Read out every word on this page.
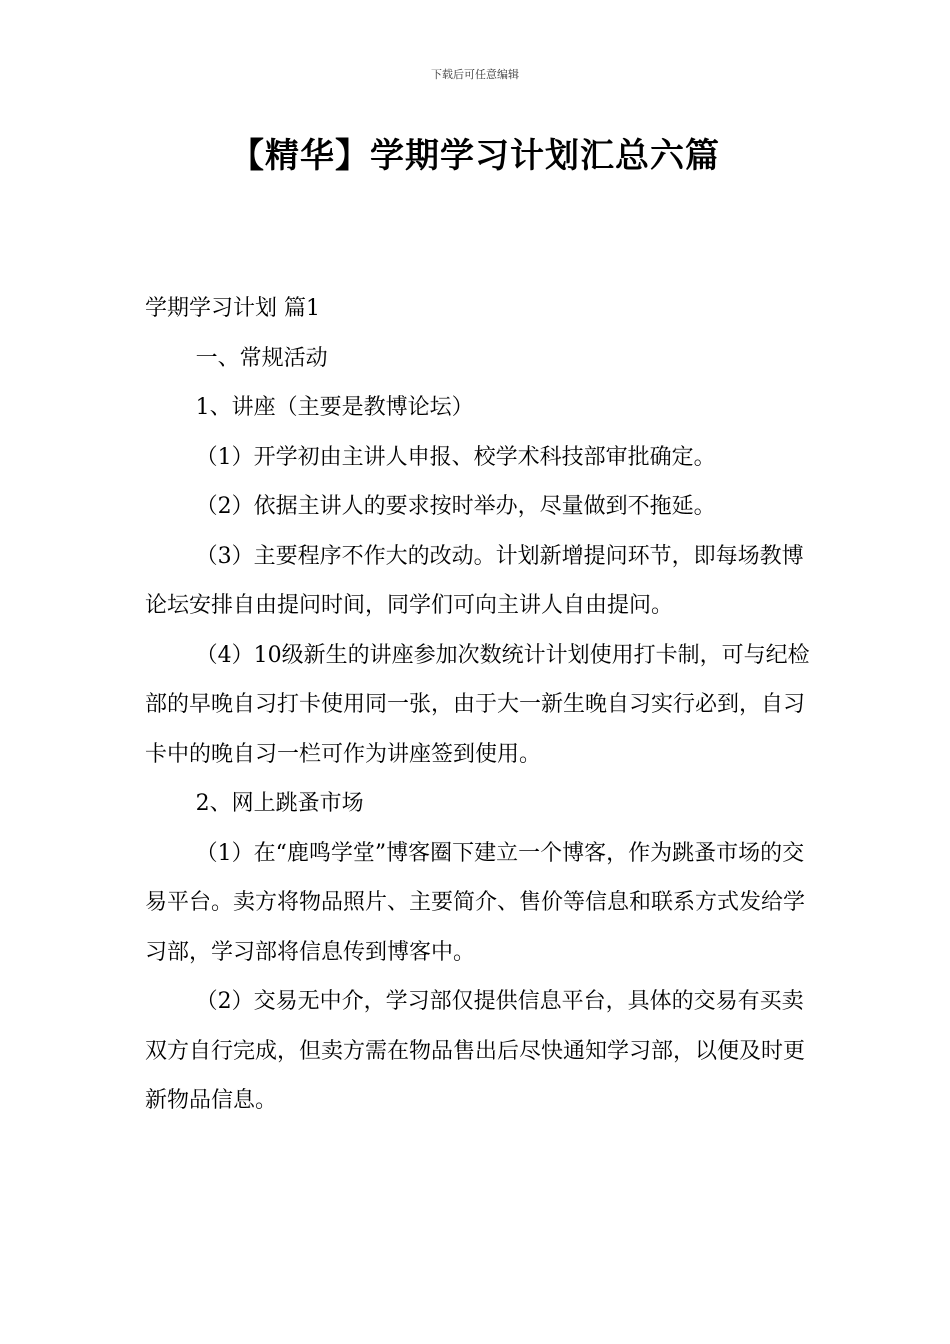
下载后可任意编辑
【精华】学期学习计划汇总六篇

学期学习计划 篇1

一、常规活动

1、讲座（主要是教博论坛）

（1）开学初由主讲人申报、校学术科技部审批确定。

（2）依据主讲人的要求按时举办，尽量做到不拖延。

（3）主要程序不作大的改动。计划新增提问环节，即每场教博论坛安排自由提问时间，同学们可向主讲人自由提问。

（4）10级新生的讲座参加次数统计计划使用打卡制，可与纪检部的早晚自习打卡使用同一张，由于大一新生晚自习实行必到，自习卡中的晚自习一栏可作为讲座签到使用。

2、网上跳蚤市场

（1）在“鹿鸣学堂”博客圈下建立一个博客，作为跳蚤市场的交易平台。卖方将物品照片、主要简介、售价等信息和联系方式发给学习部，学习部将信息传到博客中。

（2）交易无中介，学习部仅提供信息平台，具体的交易有买卖双方自行完成，但卖方需在物品售出后尽快通知学习部，以便及时更新物品信息。
